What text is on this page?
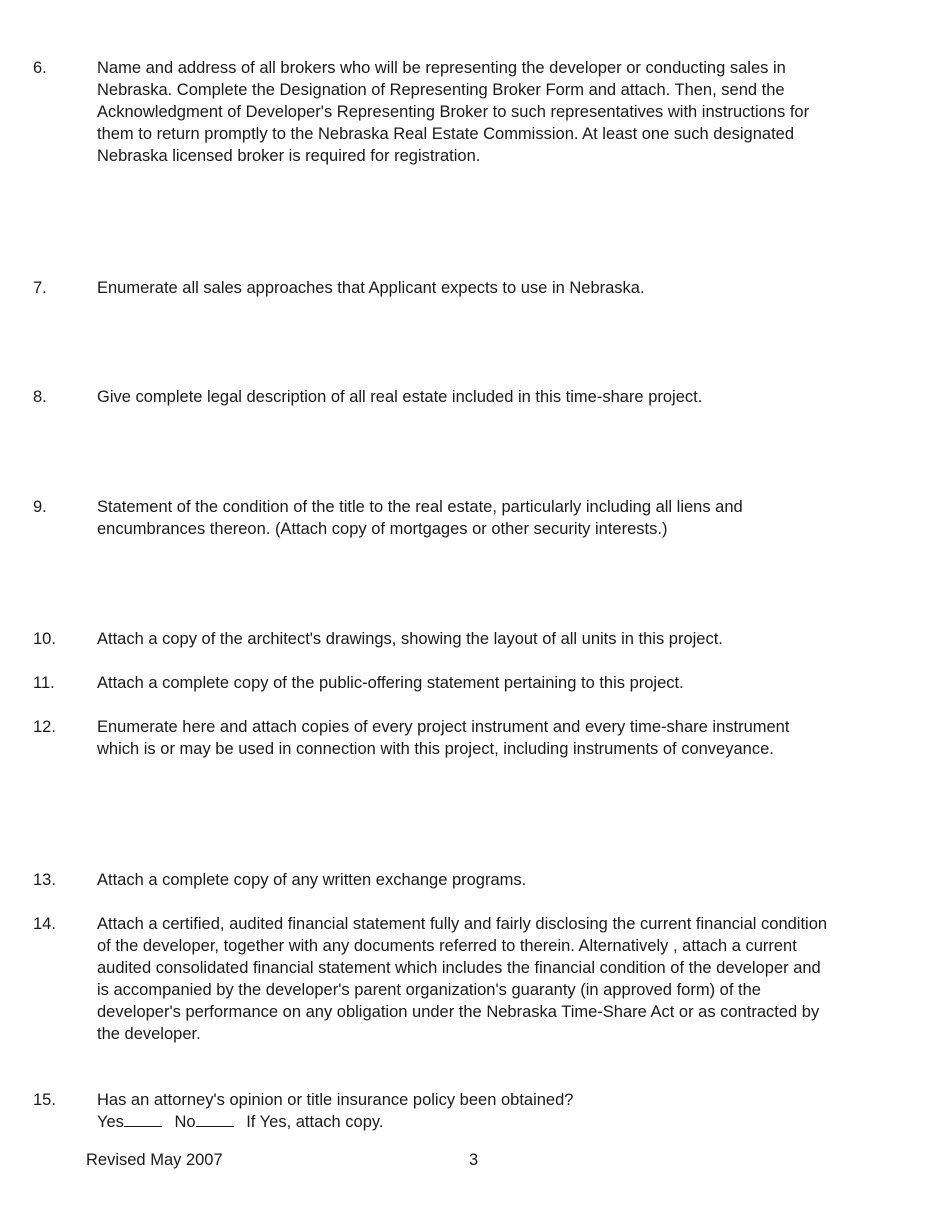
6.	Name and address of all brokers who will be representing the developer or conducting sales in Nebraska. Complete the Designation of Representing Broker Form and attach. Then, send the Acknowledgment of Developer's Representing Broker to such representatives with instructions for them to return promptly to the Nebraska Real Estate Commission. At least one such designated Nebraska licensed broker is required for registration.
7.	Enumerate all sales approaches that Applicant expects to use in Nebraska.
8.	Give complete legal description of all real estate included in this time-share project.
9.	Statement of the condition of the title to the real estate, particularly including all liens and encumbrances thereon. (Attach copy of mortgages or other security interests.)
10.	Attach a copy of the architect's drawings, showing the layout of all units in this project.
11.	Attach a complete copy of the public-offering statement pertaining to this project.
12.	Enumerate here and attach copies of every project instrument and every time-share instrument which is or may be used in connection with this project, including instruments of conveyance.
13.	Attach a complete copy of any written exchange programs.
14.	Attach a certified, audited financial statement fully and fairly disclosing the current financial condition of the developer, together with any documents referred to therein. Alternatively , attach a current audited consolidated financial statement which includes the financial condition of the developer and is accompanied by the developer's parent organization's guaranty (in approved form) of the developer's performance on any obligation under the Nebraska Time-Share Act or as contracted by the developer.
15.	Has an attorney's opinion or title insurance policy been obtained?
Yes	No	If Yes, attach copy.
Revised May 2007	3
